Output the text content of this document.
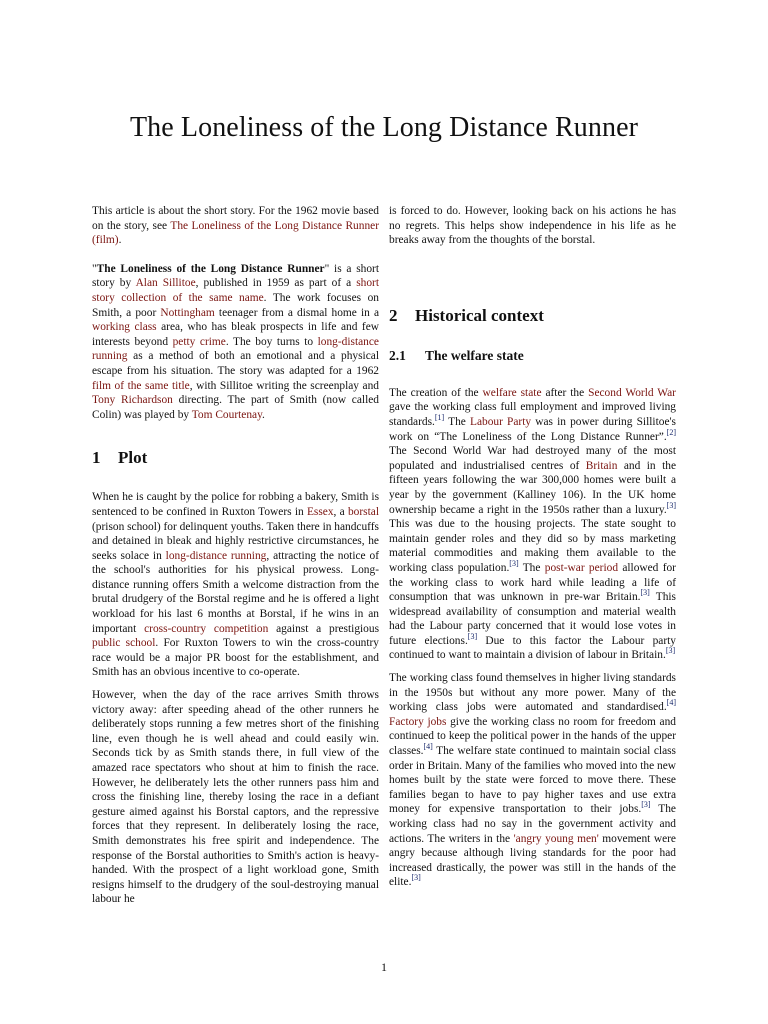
The Loneliness of the Long Distance Runner

This article is about the short story. For the 1962 movie based on the story, see The Loneliness of the Long Distance Runner (film).

"The Loneliness of the Long Distance Runner" is a short story by Alan Sillitoe, published in 1959 as part of a short story collection of the same name. The work focuses on Smith, a poor Nottingham teenager from a dismal home in a working class area, who has bleak prospects in life and few interests beyond petty crime. The boy turns to long-distance running as a method of both an emotional and a physical escape from his situation. The story was adapted for a 1962 film of the same title, with Sillitoe writing the screenplay and Tony Richardson directing. The part of Smith (now called Colin) was played by Tom Courtenay.

1 Plot

When he is caught by the police for robbing a bakery, Smith is sentenced to be confined in Ruxton Towers in Essex, a borstal (prison school) for delinquent youths. Taken there in handcuffs and detained in bleak and highly restrictive circumstances, he seeks solace in long-distance running, attracting the notice of the school's authorities for his physical prowess. Long-distance running offers Smith a welcome distraction from the brutal drudgery of the Borstal regime and he is offered a light workload for his last 6 months at Borstal, if he wins in an important cross-country competition against a prestigious public school. For Ruxton Towers to win the cross-country race would be a major PR boost for the establishment, and Smith has an obvious incentive to co-operate.

However, when the day of the race arrives Smith throws victory away: after speeding ahead of the other runners he deliberately stops running a few metres short of the finishing line, even though he is well ahead and could easily win. Seconds tick by as Smith stands there, in full view of the amazed race spectators who shout at him to finish the race. However, he deliberately lets the other runners pass him and cross the finishing line, thereby losing the race in a defiant gesture aimed against his Borstal captors, and the repressive forces that they represent. In deliberately losing the race, Smith demonstrates his free spirit and independence. The response of the Borstal authorities to Smith's action is heavy-handed. With the prospect of a light workload gone, Smith resigns himself to the drudgery of the soul-destroying manual labour he

is forced to do. However, looking back on his actions he has no regrets. This helps show independence in his life as he breaks away from the thoughts of the borstal.

2 Historical context
2.1 The welfare state

The creation of the welfare state after the Second World War gave the working class full employment and improved living standards.[1] The Labour Party was in power during Sillitoe's work on “The Loneliness of the Long Distance Runner”.[2] The Second World War had destroyed many of the most populated and industrialised centres of Britain and in the fifteen years following the war 300,000 homes were built a year by the government (Kalliney 106). In the UK home ownership became a right in the 1950s rather than a luxury.[3] This was due to the housing projects. The state sought to maintain gender roles and they did so by mass marketing material commodities and making them available to the working class population.[3] The post-war period allowed for the working class to work hard while leading a life of consumption that was unknown in pre-war Britain.[3] This widespread availability of consumption and material wealth had the Labour party concerned that it would lose votes in future elections.[3] Due to this factor the Labour party continued to want to maintain a division of labour in Britain.[3]

The working class found themselves in higher living standards in the 1950s but without any more power. Many of the working class jobs were automated and standardised.[4] Factory jobs give the working class no room for freedom and continued to keep the political power in the hands of the upper classes.[4] The welfare state continued to maintain social class order in Britain. Many of the families who moved into the new homes built by the state were forced to move there. These families began to have to pay higher taxes and use extra money for expensive transportation to their jobs.[3] The working class had no say in the government activity and actions. The writers in the 'angry young men' movement were angry because although living standards for the poor had increased drastically, the power was still in the hands of the elite.[3]

1
